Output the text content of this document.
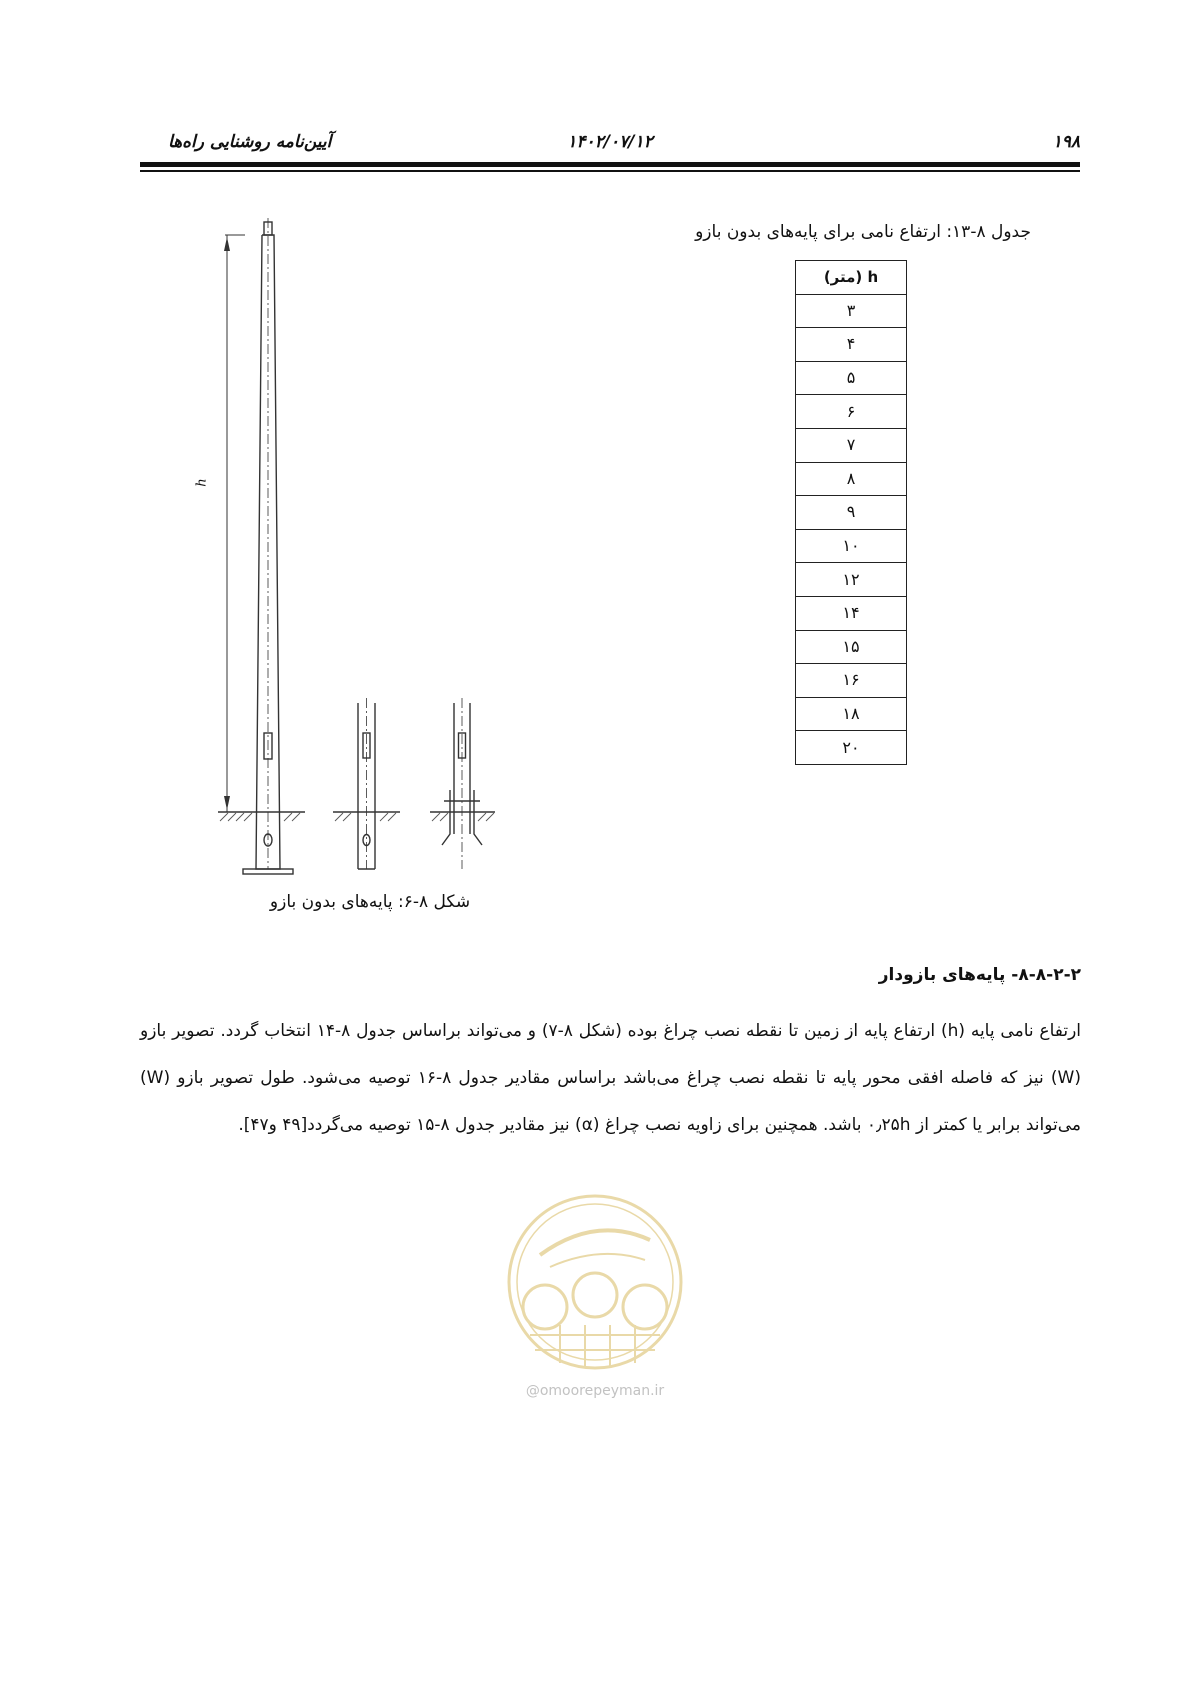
۱۹۸
۱۴۰۲/۰۷/۱۲
آیین‌نامه روشنایی راه‌ها
جدول ۸-۱۳: ارتفاع نامی برای پایه‌های بدون بازو
h (متر)
۳
۴
۵
۶
۷
۸
۹
۱۰
۱۲
۱۴
۱۵
۱۶
۱۸
۲۰
h
شکل ۸-۶: پایه‌های بدون بازو
۸-۸-۲-۲- پایه‌های بازودار
ارتفاع نامی پایه (h) ارتفاع پایه از زمین تا نقطه نصب چراغ بوده (شکل ۸-۷) و می‌تواند براساس جدول ۸-۱۴ انتخاب گردد. تصویر بازو (W) نیز که فاصله افقی محور پایه تا نقطه نصب چراغ می‌باشد براساس مقادیر جدول ۸-۱۶ توصیه می‌شود. طول تصویر بازو (W) می‌تواند برابر یا کمتر از ۰٫۲۵h باشد. همچنین برای زاویه نصب چراغ (α) نیز مقادیر جدول ۸-۱۵ توصیه می‌گردد[۴۹ و۴۷].
@omoorepeyman.ir
